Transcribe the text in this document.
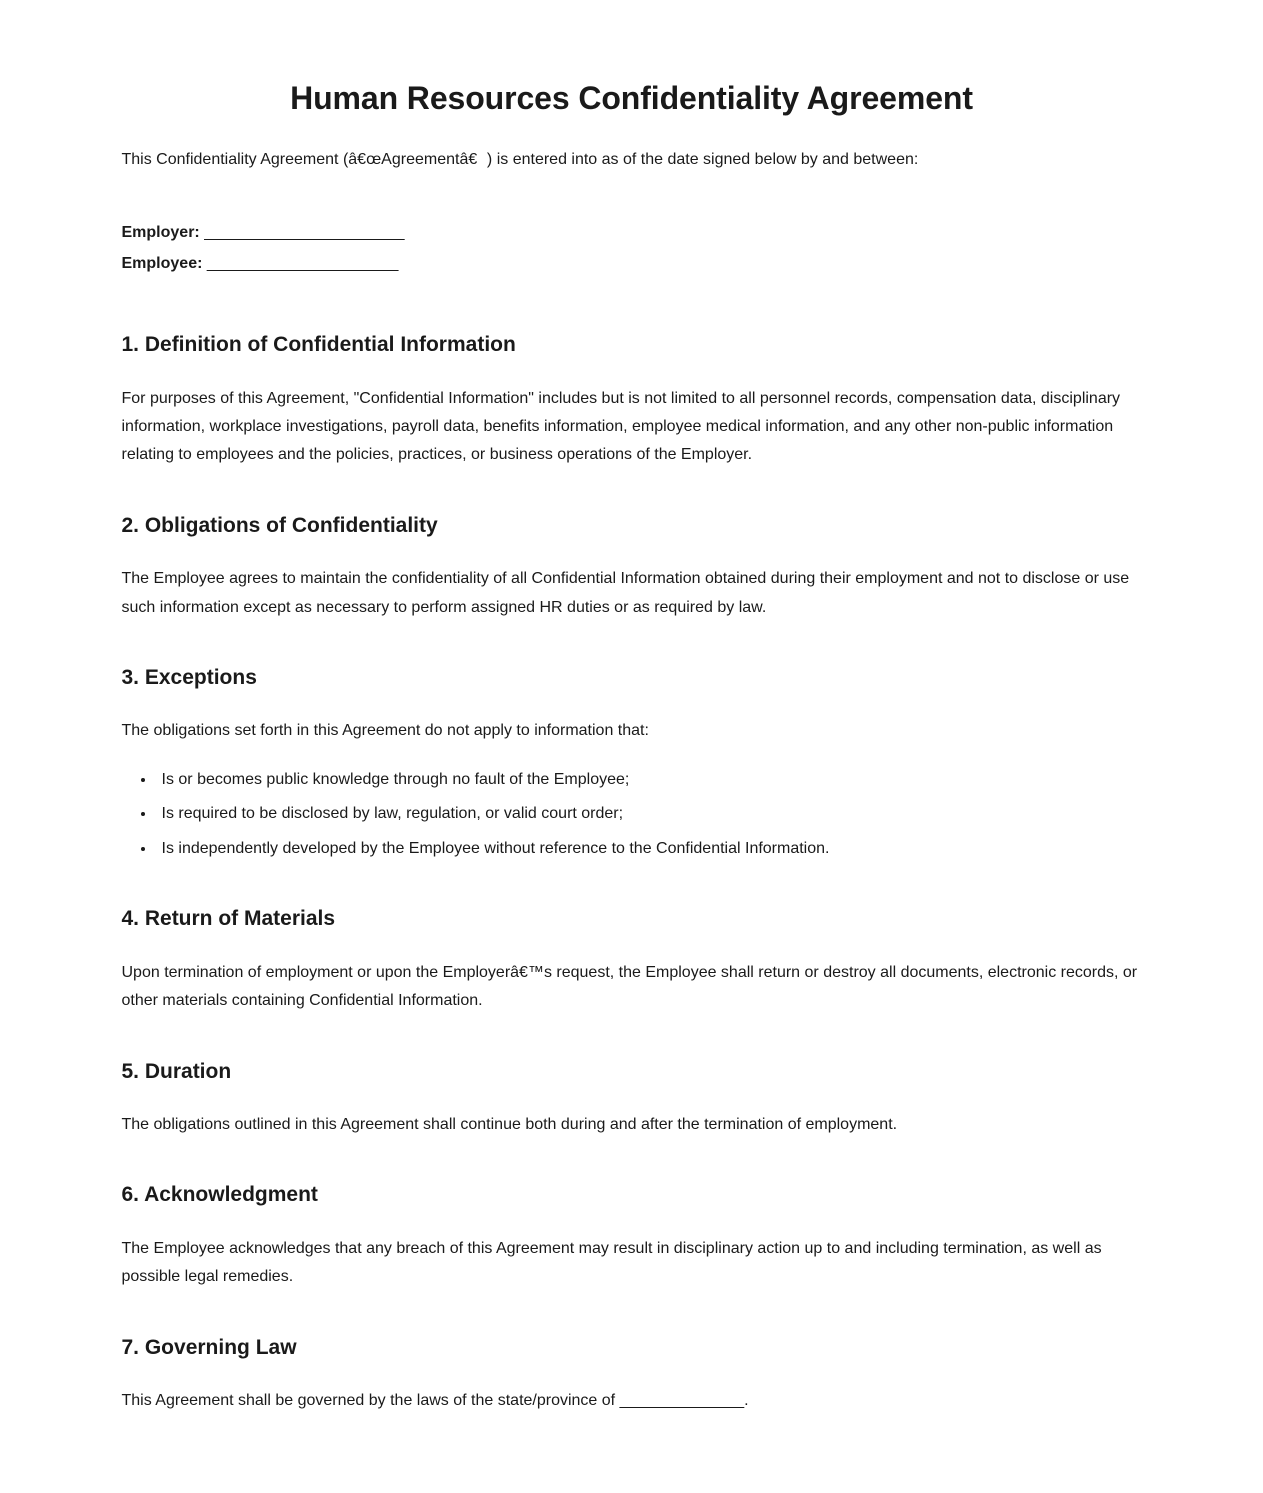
Human Resources Confidentiality Agreement

This Confidentiality Agreement (â€œAgreementâ€) is entered into as of the date signed below by and between:

Employer: _______________________

Employee: ______________________

1. Definition of Confidential Information

For purposes of this Agreement, "Confidential Information" includes but is not limited to all personnel records, compensation data, disciplinary information, workplace investigations, payroll data, benefits information, employee medical information, and any other non-public information relating to employees and the policies, practices, or business operations of the Employer.

2. Obligations of Confidentiality

The Employee agrees to maintain the confidentiality of all Confidential Information obtained during their employment and not to disclose or use such information except as necessary to perform assigned HR duties or as required by law.

3. Exceptions

The obligations set forth in this Agreement do not apply to information that:

• Is or becomes public knowledge through no fault of the Employee;
• Is required to be disclosed by law, regulation, or valid court order;
• Is independently developed by the Employee without reference to the Confidential Information.
4. Return of Materials

Upon termination of employment or upon the Employerâ€™s request, the Employee shall return or destroy all documents, electronic records, or other materials containing Confidential Information.

5. Duration

The obligations outlined in this Agreement shall continue both during and after the termination of employment.

6. Acknowledgment

The Employee acknowledges that any breach of this Agreement may result in disciplinary action up to and including termination, as well as possible legal remedies.

7. Governing Law

This Agreement shall be governed by the laws of the state/province of ______________.
